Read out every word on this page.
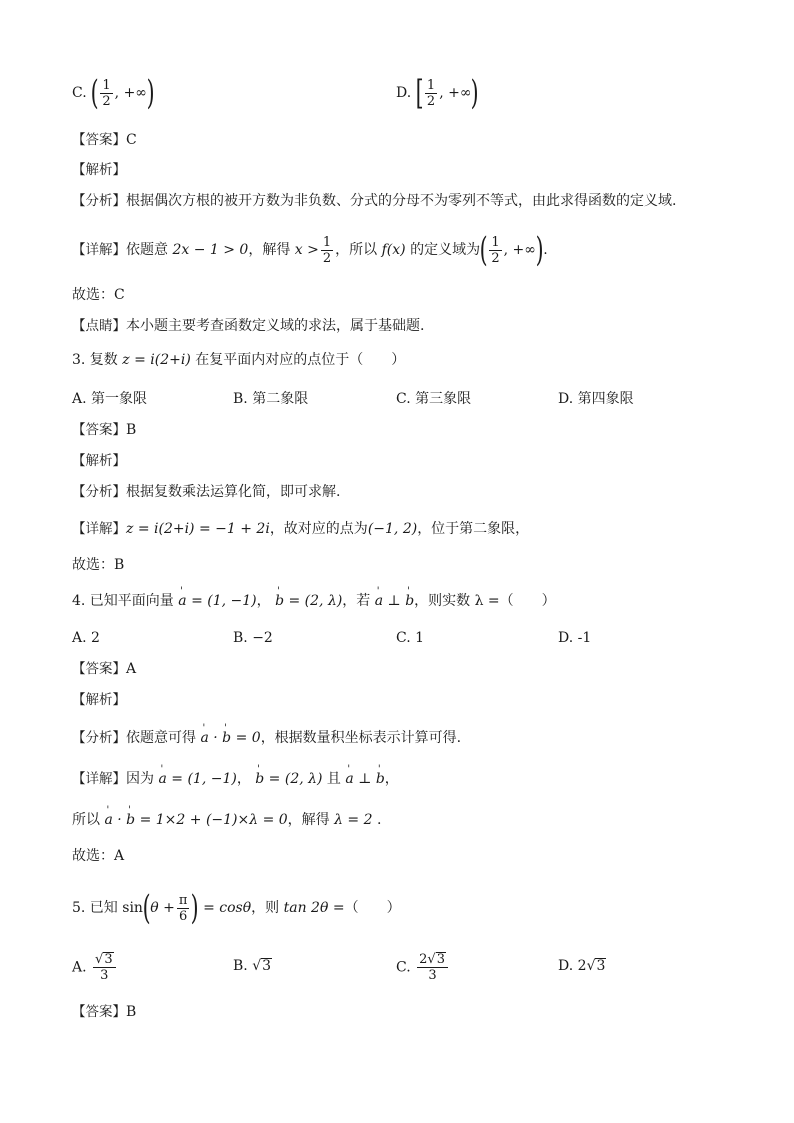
C. ( $\frac{1}{2}$ , +∞)	D. [ $\frac{1}{2}$ , +∞)
【答案】C
【解析】
【分析】根据偶次方根的被开方数为非负数、分式的分母不为零列不等式，由此求得函数的定义域.
【详解】依题意 2x − 1 > 0，解得 $x > \frac{1}{2}$ ，所以 f(x) 的定义域为( $\frac{1}{2}$ , +∞).
故选：C
【点睛】本小题主要考查函数定义域的求法，属于基础题.
3. 复数 z = i(2+i) 在复平面内对应的点位于（　　）
A. 第一象限	B. 第二象限	C. 第三象限	D. 第四象限
【答案】B
【解析】
【分析】根据复数乘法运算化简，即可求解.
【详解】z = i(2+i) = −1 + 2i，故对应的点为(−1, 2)，位于第二象限，
故选：B
4. 已知平面向量 ' a = (1, −1)， ' b = (2, λ)，若 ' a ⊥ ' b，则实数 λ =（　　）
A. 2	B. −2	C. 1	D. -1
【答案】A
【解析】
【分析】依题意可得 ' a · ' b = 0，根据数量积坐标表示计算可得.
【详解】因为 ' a = (1, −1)， ' b = (2, λ) 且 ' a ⊥ ' b，
所以 ' a · ' b = 1×2 + (−1)×λ = 0，解得 λ = 2 .
故选：A
5. 已知 $\sin(\theta + \frac{\pi}{6}$ ) = cosθ，则 tan 2θ =（　　）
A. $\frac{√3}{3}$	B. √3	C. $\frac{2√3}{3}$	D. 2√3
【答案】B
